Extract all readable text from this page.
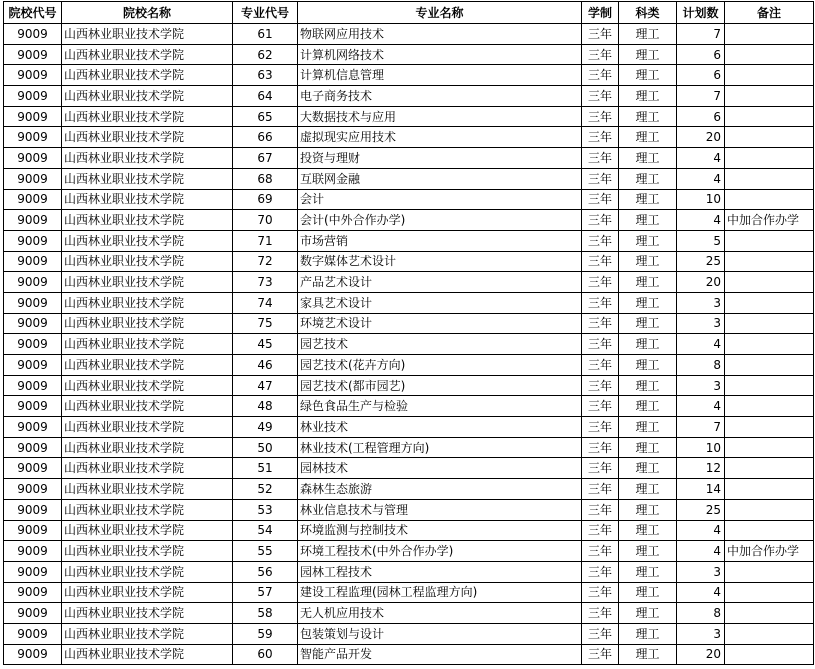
院校代号	院校名称	专业代号	专业名称	学制	科类	计划数	备注
9009	山西林业职业技术学院	61	物联网应用技术	三年	理工	7
9009	山西林业职业技术学院	62	计算机网络技术	三年	理工	6
9009	山西林业职业技术学院	63	计算机信息管理	三年	理工	6
9009	山西林业职业技术学院	64	电子商务技术	三年	理工	7
9009	山西林业职业技术学院	65	大数据技术与应用	三年	理工	6
9009	山西林业职业技术学院	66	虚拟现实应用技术	三年	理工	20
9009	山西林业职业技术学院	67	投资与理财	三年	理工	4
9009	山西林业职业技术学院	68	互联网金融	三年	理工	4
9009	山西林业职业技术学院	69	会计	三年	理工	10
9009	山西林业职业技术学院	70	会计(中外合作办学)	三年	理工	4 中加合作办学
9009	山西林业职业技术学院	71	市场营销	三年	理工	5
9009	山西林业职业技术学院	72	数字媒体艺术设计	三年	理工	25
9009	山西林业职业技术学院	73	产品艺术设计	三年	理工	20
9009	山西林业职业技术学院	74	家具艺术设计	三年	理工	3
9009	山西林业职业技术学院	75	环境艺术设计	三年	理工	3
9009	山西林业职业技术学院	45	园艺技术	三年	理工	4
9009	山西林业职业技术学院	46	园艺技术(花卉方向)	三年	理工	8
9009	山西林业职业技术学院	47	园艺技术(都市园艺)	三年	理工	3
9009	山西林业职业技术学院	48	绿色食品生产与检验	三年	理工	4
9009	山西林业职业技术学院	49	林业技术	三年	理工	7
9009	山西林业职业技术学院	50	林业技术(工程管理方向)	三年	理工	10
9009	山西林业职业技术学院	51	园林技术	三年	理工	12
9009	山西林业职业技术学院	52	森林生态旅游	三年	理工	14
9009	山西林业职业技术学院	53	林业信息技术与管理	三年	理工	25
9009	山西林业职业技术学院	54	环境监测与控制技术	三年	理工	4
9009	山西林业职业技术学院	55	环境工程技术(中外合作办学)	三年	理工	4 中加合作办学
9009	山西林业职业技术学院	56	园林工程技术	三年	理工	3
9009	山西林业职业技术学院	57	建设工程监理(园林工程监理方向)	三年	理工	4
9009	山西林业职业技术学院	58	无人机应用技术	三年	理工	8
9009	山西林业职业技术学院	59	包装策划与设计	三年	理工	3
9009	山西林业职业技术学院	60	智能产品开发	三年	理工	20
